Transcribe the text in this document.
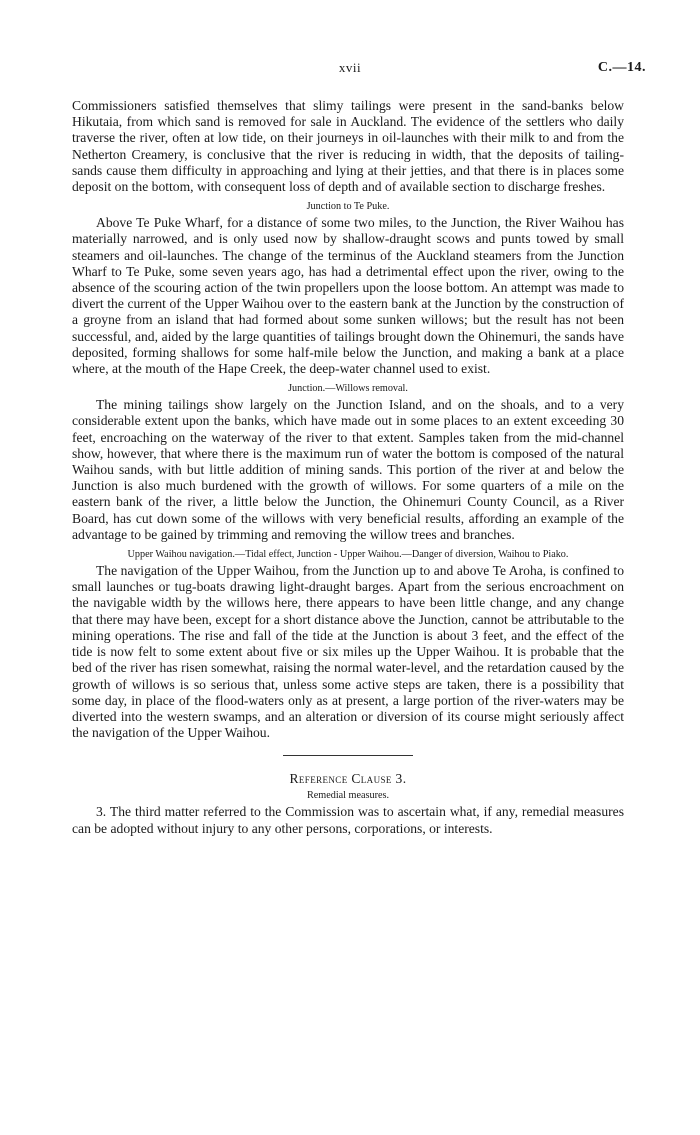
xvii	C.—14.

Commissioners satisfied themselves that slimy tailings were present in the sand-banks below Hikutaia, from which sand is removed for sale in Auckland. The evidence of the settlers who daily traverse the river, often at low tide, on their journeys in oil-launches with their milk to and from the Netherton Creamery, is conclusive that the river is reducing in width, that the deposits of tailing-sands cause them difficulty in approaching and lying at their jetties, and that there is in places some deposit on the bottom, with consequent loss of depth and of available section to discharge freshes.

Junction to Te Puke.

Above Te Puke Wharf, for a distance of some two miles, to the Junction, the River Waihou has materially narrowed, and is only used now by shallow-draught scows and punts towed by small steamers and oil-launches. The change of the terminus of the Auckland steamers from the Junction Wharf to Te Puke, some seven years ago, has had a detrimental effect upon the river, owing to the absence of the scouring action of the twin propellers upon the loose bottom. An attempt was made to divert the current of the Upper Waihou over to the eastern bank at the Junction by the construction of a groyne from an island that had formed about some sunken willows; but the result has not been successful, and, aided by the large quantities of tailings brought down the Ohinemuri, the sands have deposited, forming shallows for some half-mile below the Junction, and making a bank at a place where, at the mouth of the Hape Creek, the deep-water channel used to exist.

Junction.—Willows removal.

The mining tailings show largely on the Junction Island, and on the shoals, and to a very considerable extent upon the banks, which have made out in some places to an extent exceeding 30 feet, encroaching on the waterway of the river to that extent. Samples taken from the mid-channel show, however, that where there is the maximum run of water the bottom is composed of the natural Waihou sands, with but little addition of mining sands. This portion of the river at and below the Junction is also much burdened with the growth of willows. For some quarters of a mile on the eastern bank of the river, a little below the Junction, the Ohinemuri County Council, as a River Board, has cut down some of the willows with very beneficial results, affording an example of the advantage to be gained by trimming and removing the willow trees and branches.

Upper Waihou navigation.—Tidal effect, Junction - Upper Waihou.—Danger of diversion, Waihou to Piako.

The navigation of the Upper Waihou, from the Junction up to and above Te Aroha, is confined to small launches or tug-boats drawing light-draught barges. Apart from the serious encroachment on the navigable width by the willows here, there appears to have been little change, and any change that there may have been, except for a short distance above the Junction, cannot be attributable to the mining operations. The rise and fall of the tide at the Junction is about 3 feet, and the effect of the tide is now felt to some extent about five or six miles up the Upper Waihou. It is probable that the bed of the river has risen somewhat, raising the normal water-level, and the retardation caused by the growth of willows is so serious that, unless some active steps are taken, there is a possibility that some day, in place of the flood-waters only as at present, a large portion of the river-waters may be diverted into the western swamps, and an alteration or diversion of its course might seriously affect the navigation of the Upper Waihou.

Reference Clause 3.
Remedial measures.

3. The third matter referred to the Commission was to ascertain what, if any, remedial measures can be adopted without injury to any other persons, corporations, or interests.
